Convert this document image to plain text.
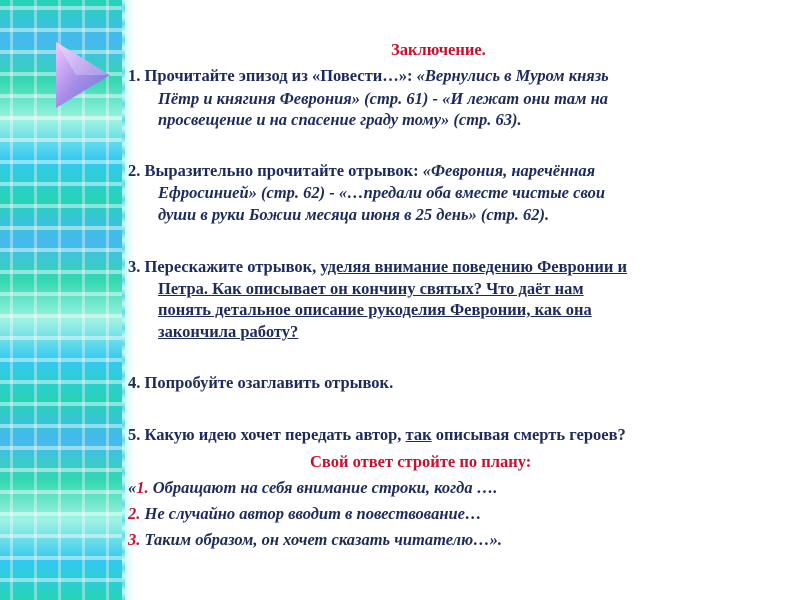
Заключение.
1. Прочитайте эпизод из «Повести…»: «Вернулись в Муром князь
Пётр и княгиня Феврония» (стр. 61) - «И лежат они там на
просвещение и на спасение граду тому» (стр. 63).
2. Выразительно прочитайте отрывок: «Феврония, наречённая
Ефросинией» (стр. 62) - «…предали оба вместе чистые свои
души в руки Божии месяца июня в 25 день» (стр. 62).
3. Перескажите отрывок, уделяя внимание поведению Февронии и
Петра. Как описывает он кончину святых? Что даёт нам
понять детальное описание рукоделия Февронии, как она
закончила работу?
4. Попробуйте озаглавить отрывок.
5. Какую идею хочет передать автор, так описывая смерть героев?
Свой ответ стройте по плану:
«1. Обращают на себя внимание строки, когда ….
2. Не случайно автор вводит в повествование…
3. Таким образом, он хочет сказать читателю…».
